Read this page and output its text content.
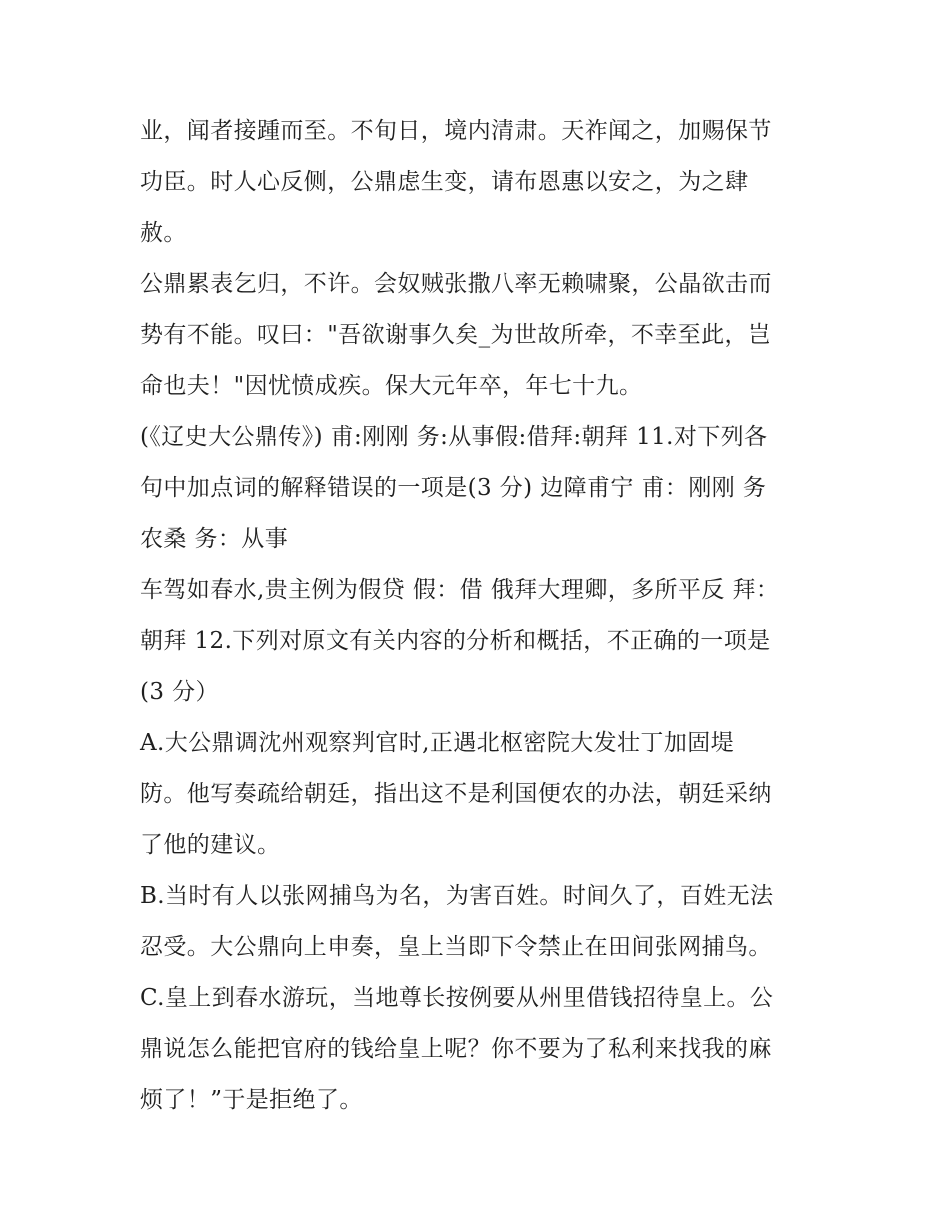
业，闻者接踵而至。不旬日，境内清肃。天祚闻之，加赐保节
功臣。时人心反侧，公鼎虑生变，请布恩惠以安之，为之肆
赦。
公鼎累表乞归，不许。会奴贼张撒八率无赖啸聚，公晶欲击而
势有不能。叹曰："吾欲谢事久矣_为世故所牵，不幸至此，岂
命也夫！"因忧愤成疾。保大元年卒，年七十九。
(《辽史大公鼎传》) 甫:刚刚 务:从事假:借拜:朝拜 11.对下列各
句中加点词的解释错误的一项是(3 分) 边障甫宁 甫：刚刚 务
农桑 务：从事
车驾如春水,贵主例为假贷 假：借 俄拜大理卿，多所平反 拜：
朝拜 12.下列对原文有关内容的分析和概括，不正确的一项是
(3 分）
A.大公鼎调沈州观察判官时,正遇北枢密院大发壮丁加固堤
防。他写奏疏给朝廷，指出这不是利国便农的办法，朝廷采纳
了他的建议。
B.当时有人以张网捕鸟为名，为害百姓。时间久了，百姓无法
忍受。大公鼎向上申奏，皇上当即下令禁止在田间张网捕鸟。
C.皇上到春水游玩，当地尊长按例要从州里借钱招待皇上。公
鼎说怎么能把官府的钱给皇上呢？你不要为了私利来找我的麻
烦了！”于是拒绝了。
